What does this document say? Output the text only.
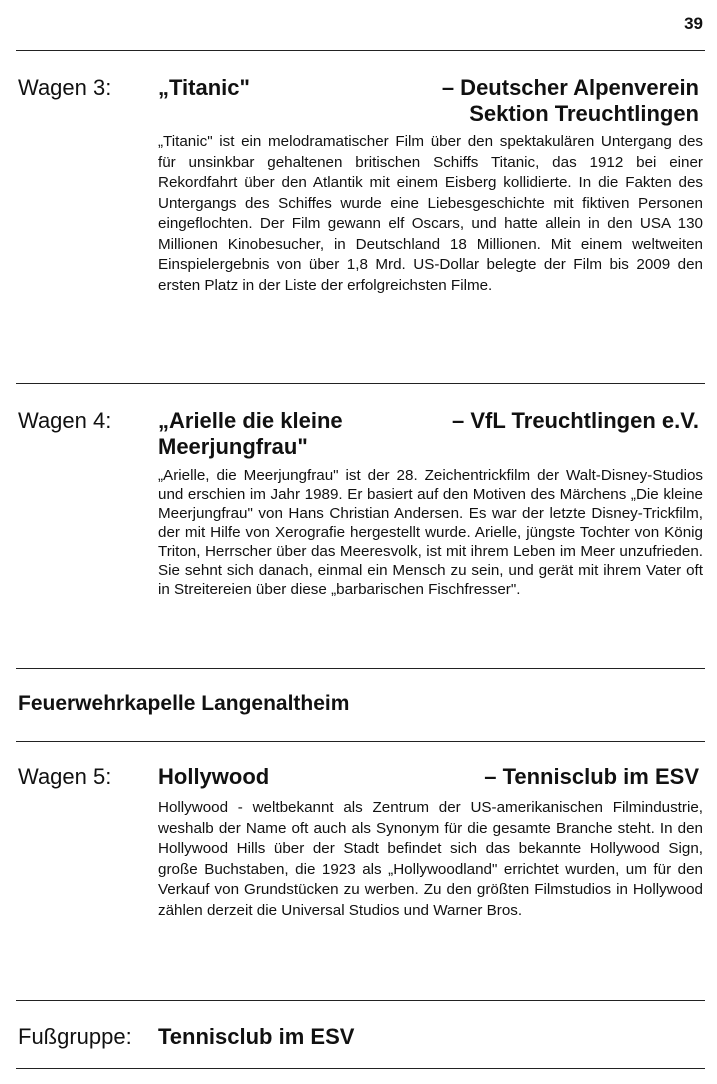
39
Wagen 3: „Titanic"	– Deutscher Alpenverein
Sektion Treuchtlingen
„Titanic" ist ein melodramatischer Film über den spektakulären Untergang des für unsinkbar gehaltenen britischen Schiffs Titanic, das 1912 bei einer Rekordfahrt über den Atlantik mit einem Eisberg kollidierte. In die Fakten des Untergangs des Schiffes wurde eine Liebesgeschichte mit fiktiven Personen eingeflochten. Der Film gewann elf Oscars, und hatte allein in den USA 130 Millionen Kinobesucher, in Deutschland 18 Millionen. Mit einem weltweiten Einspielergebnis von über 1,8 Mrd. US-Dollar belegte der Film bis 2009 den ersten Platz in der Liste der erfolgreichsten Filme.
Wagen 4: „Arielle die kleine
Meerjungfrau"
– VfL Treuchtlingen e.V.
„Arielle, die Meerjungfrau" ist der 28. Zeichentrickfilm der Walt-Disney-Studios und erschien im Jahr 1989. Er basiert auf den Motiven des Märchens „Die kleine Meerjungfrau" von Hans Christian Andersen. Es war der letzte Disney-Trickfilm, der mit Hilfe von Xerografie hergestellt wurde. Arielle, jüngste Tochter von König Triton, Herrscher über das Meeresvolk, ist mit ihrem Leben im Meer unzufrieden. Sie sehnt sich danach, einmal ein Mensch zu sein, und gerät mit ihrem Vater oft in Streitereien über diese „barbarischen Fischfresser".
Feuerwehrkapelle Langenaltheim
Wagen 5: Hollywood	– Tennisclub im ESV
Hollywood - weltbekannt als Zentrum der US-amerikanischen Filmindustrie, weshalb der Name oft auch als Synonym für die gesamte Branche steht. In den Hollywood Hills über der Stadt befindet sich das bekannte Hollywood Sign, große Buchstaben, die 1923 als „Hollywoodland" errichtet wurden, um für den Verkauf von Grundstücken zu werben. Zu den größten Filmstudios in Hollywood zählen derzeit die Universal Studios und Warner Bros.
Fußgruppe: Tennisclub im ESV
